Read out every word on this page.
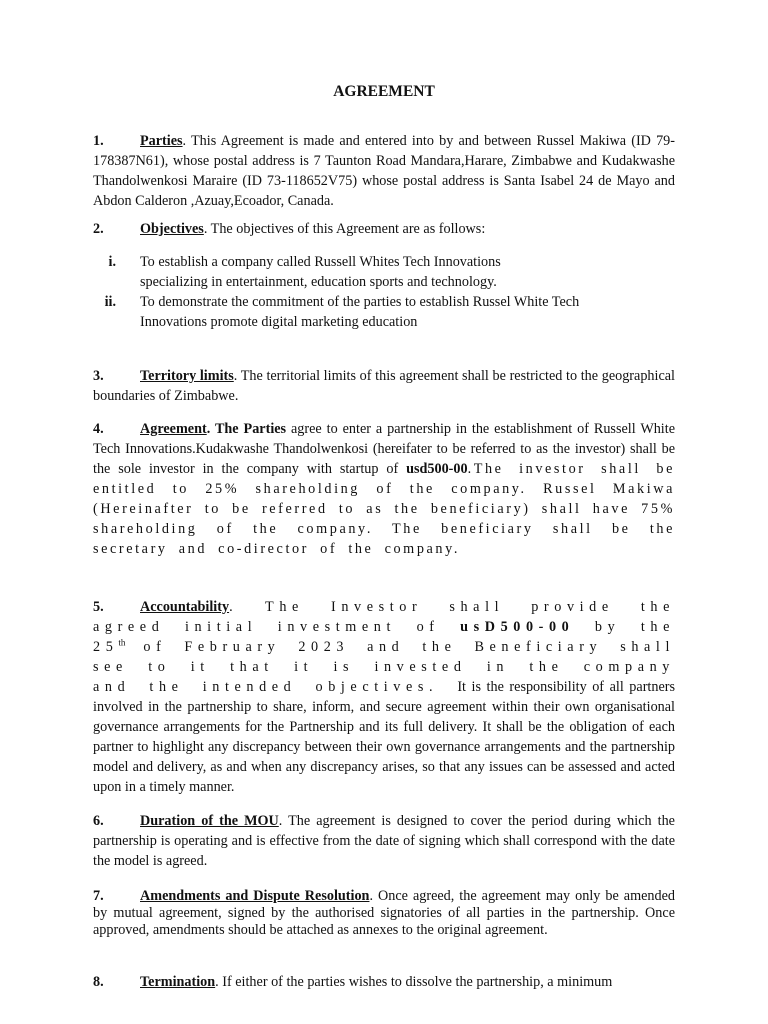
AGREEMENT
1.	Parties. This Agreement is made and entered into by and between Russel Makiwa (ID 79-178387N61), whose postal address is 7 Taunton Road Mandara,Harare, Zimbabwe and Kudakwashe Thandolwenkosi Maraire (ID 73-118652V75) whose postal address is Santa Isabel 24 de Mayo and Abdon Calderon ,Azuay,Ecoador, Canada.
2.	Objectives. The objectives of this Agreement are as follows:
i. To establish a company called Russell Whites Tech Innovations
specializing in entertainment, education sports and technology.
ii. To demonstrate the commitment of the parties to establish Russel White Tech
Innovations promote digital marketing education
3.	Territory limits. The territorial limits of this agreement shall be restricted to the geographical boundaries of Zimbabwe.
4.	Agreement. The Parties agree to enter a partnership in the establishment of Russell White Tech Innovations.Kudakwashe Thandolwenkosi (hereifater to be referred to as the investor) shall be the sole investor in the company with startup of usd500-00.The investor shall be entitled to 25% shareholding of the company. Russel Makiwa (Hereinafter to be referred to as the beneficiary) shall have 75% shareholding of the company. The beneficiary shall be the secretary and co-director of the company.
5.	Accountability. The Investor shall provide the agreed initial investment of usD500-00 by the 25th of February 2023 and the Beneficiary shall see to it that it is invested in the company and the intended objectives. It is the responsibility of all partners involved in the partnership to share, inform, and secure agreement within their own organisational governance arrangements for the Partnership and its full delivery. It shall be the obligation of each partner to highlight any discrepancy between their own governance arrangements and the partnership model and delivery, as and when any discrepancy arises, so that any issues can be assessed and acted upon in a timely manner.
6.	Duration of the MOU. The agreement is designed to cover the period during which the partnership is operating and is effective from the date of signing which shall correspond with the date the model is agreed.
7.	Amendments and Dispute Resolution. Once agreed, the agreement may only be amended by mutual agreement, signed by the authorised signatories of all parties in the partnership. Once approved, amendments should be attached as annexes to the original agreement.
8.	Termination. If either of the parties wishes to dissolve the partnership, a minimum
